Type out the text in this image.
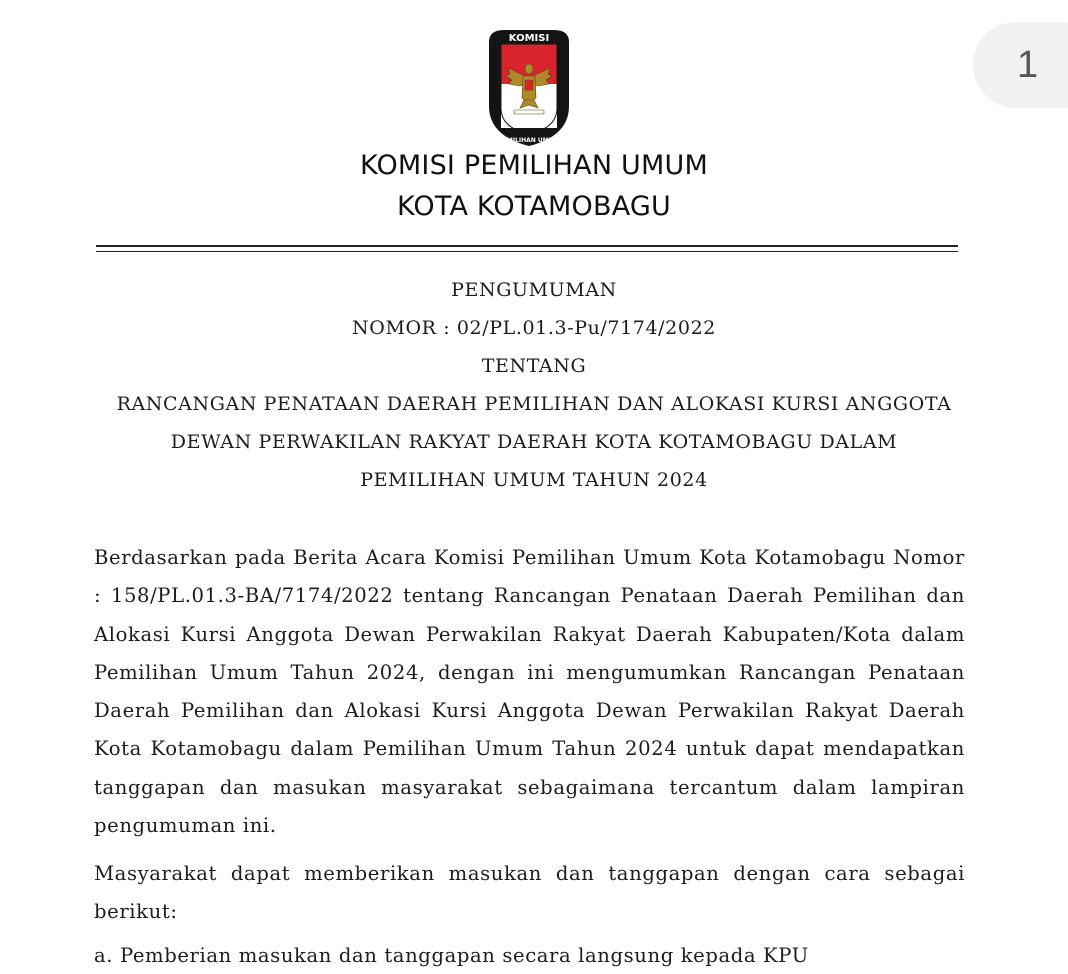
1
KOMISI
PEMILIHAN UMUM
KOMISI PEMILIHAN UMUM
KOTA KOTAMOBAGU
PENGUMUMAN
NOMOR : 02/PL.01.3-Pu/7174/2022
TENTANG
RANCANGAN PENATAAN DAERAH PEMILIHAN DAN ALOKASI KURSI ANGGOTA
DEWAN PERWAKILAN RAKYAT DAERAH KOTA KOTAMOBAGU DALAM
PEMILIHAN UMUM TAHUN 2024
Berdasarkan pada Berita Acara Komisi Pemilihan Umum Kota Kotamobagu Nomor : 158/PL.01.3-BA/7174/2022 tentang Rancangan Penataan Daerah Pemilihan dan Alokasi Kursi Anggota Dewan Perwakilan Rakyat Daerah Kabupaten/Kota dalam Pemilihan Umum Tahun 2024, dengan ini mengumumkan Rancangan Penataan Daerah Pemilihan dan Alokasi Kursi Anggota Dewan Perwakilan Rakyat Daerah Kota Kotamobagu dalam Pemilihan Umum Tahun 2024 untuk dapat mendapatkan tanggapan dan masukan masyarakat sebagaimana tercantum dalam lampiran pengumuman ini.
Masyarakat dapat memberikan masukan dan tanggapan dengan cara sebagai berikut:
a. Pemberian masukan dan tanggapan secara langsung kepada KPU
